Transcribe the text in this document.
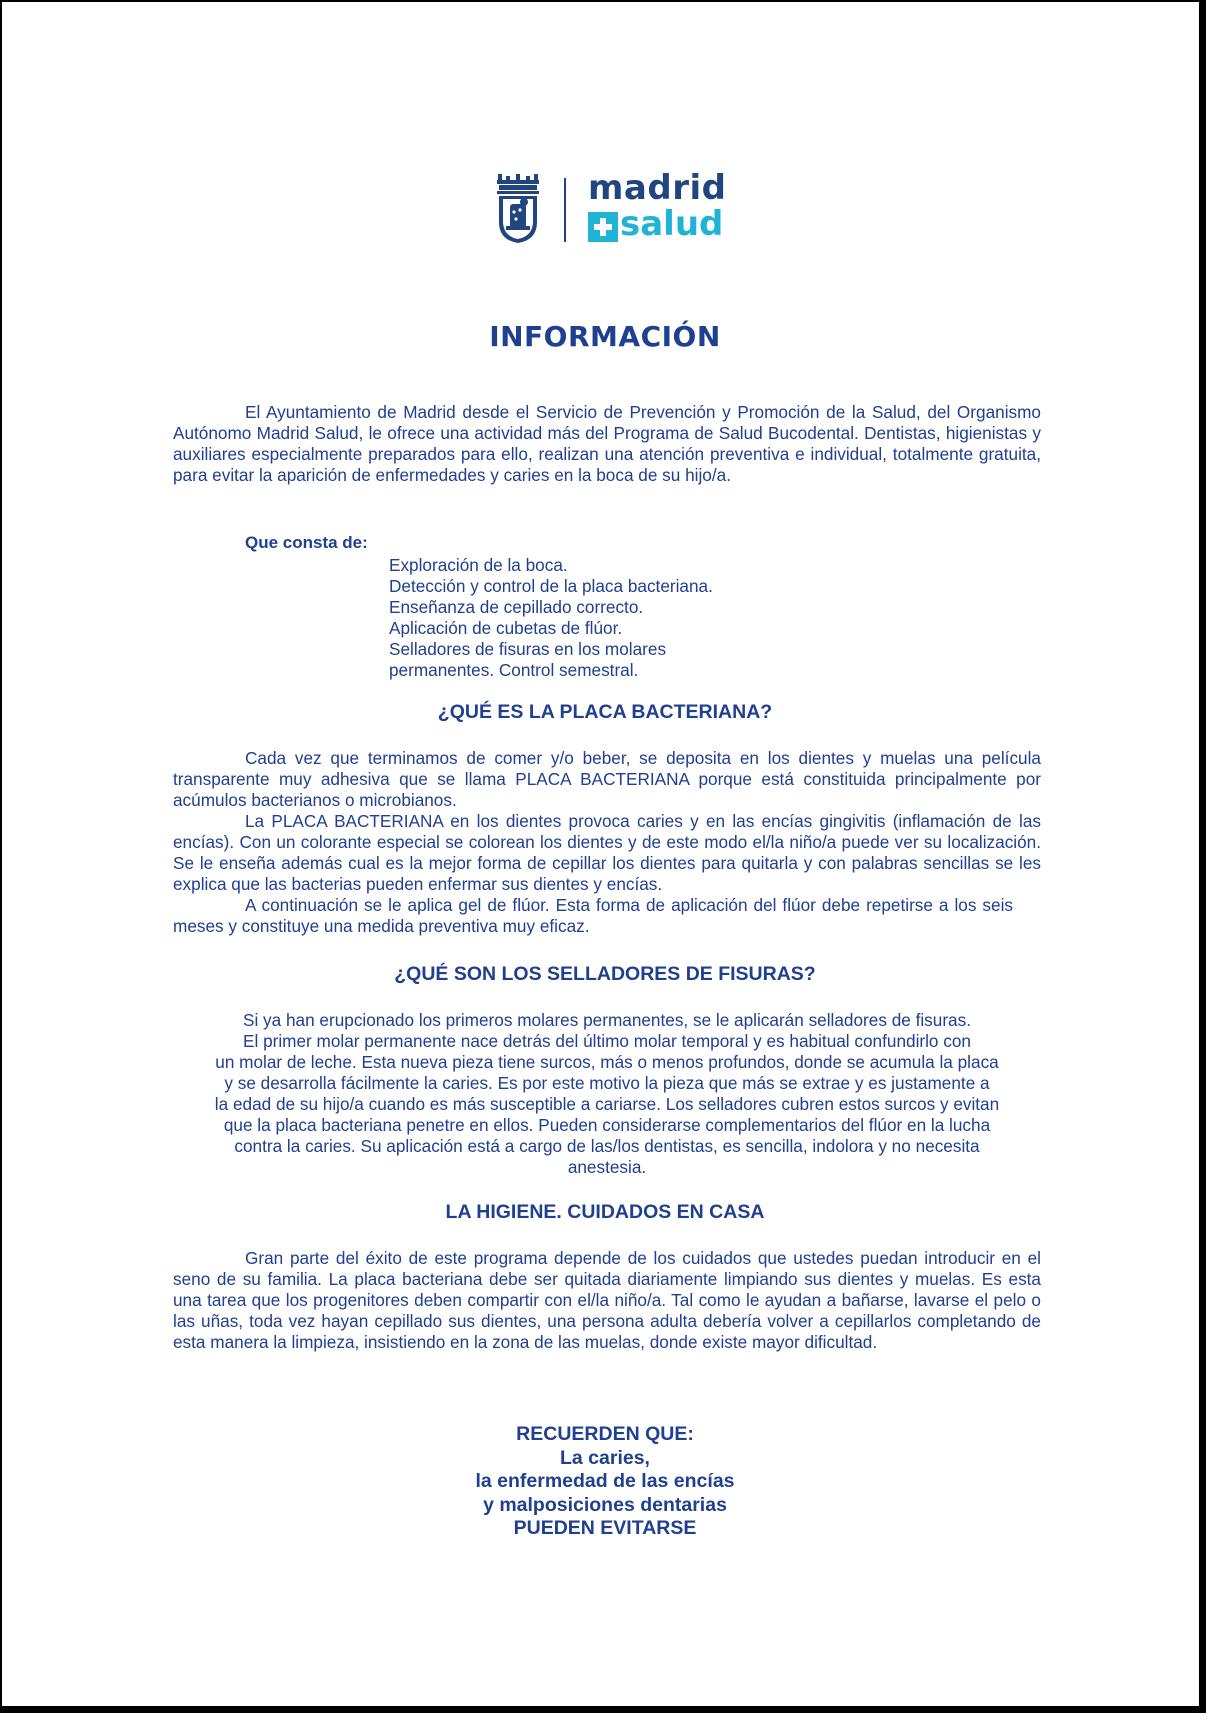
madrid
salud
INFORMACIÓN

El Ayuntamiento de Madrid desde el Servicio de Prevención y Promoción de la Salud, del Organismo Autónomo Madrid Salud, le ofrece una actividad más del Programa de Salud Bucodental. Dentistas, higienistas y auxiliares especialmente preparados para ello, realizan una atención preventiva e individual, totalmente gratuita, para evitar la aparición de enfermedades y caries en la boca de su hijo/a.

Que consta de:
Exploración de la boca.
Detección y control de la placa bacteriana.
Enseñanza de cepillado correcto.
Aplicación de cubetas de flúor.
Selladores de fisuras en los molares
permanentes. Control semestral.
¿QUÉ ES LA PLACA BACTERIANA?

Cada vez que terminamos de comer y/o beber, se deposita en los dientes y muelas una película transparente muy adhesiva que se llama PLACA BACTERIANA porque está constituida principalmente por acúmulos bacterianos o microbianos.

La PLACA BACTERIANA en los dientes provoca caries y en las encías gingivitis (inflamación de las encías). Con un colorante especial se colorean los dientes y de este modo el/la niño/a puede ver su localización. Se le enseña además cual es la mejor forma de cepillar los dientes para quitarla y con palabras sencillas se les explica que las bacterias pueden enfermar sus dientes y encías.

A continuación se le aplica gel de flúor. Esta forma de aplicación del flúor debe repetirse a los seis meses y constituye una medida preventiva muy eficaz.

¿QUÉ SON LOS SELLADORES DE FISURAS?

Si ya han erupcionado los primeros molares permanentes, se le aplicarán selladores de fisuras.

El primer molar permanente nace detrás del último molar temporal y es habitual confundirlo con

un molar de leche. Esta nueva pieza tiene surcos, más o menos profundos, donde se acumula la placa

y se desarrolla fácilmente la caries. Es por este motivo la pieza que más se extrae y es justamente a

la edad de su hijo/a cuando es más susceptible a cariarse. Los selladores cubren estos surcos y evitan

que la placa bacteriana penetre en ellos. Pueden considerarse complementarios del flúor en la lucha

contra la caries. Su aplicación está a cargo de las/los dentistas, es sencilla, indolora y no necesita

anestesia.

LA HIGIENE. CUIDADOS EN CASA

Gran parte del éxito de este programa depende de los cuidados que ustedes puedan introducir en el seno de su familia. La placa bacteriana debe ser quitada diariamente limpiando sus dientes y muelas. Es esta una tarea que los progenitores deben compartir con el/la niño/a. Tal como le ayudan a bañarse, lavarse el pelo o las uñas, toda vez hayan cepillado sus dientes, una persona adulta debería volver a cepillarlos completando de esta manera la limpieza, insistiendo en la zona de las muelas, donde existe mayor dificultad.

RECUERDEN QUE:
La caries,
la enfermedad de las encías
y malposiciones dentarias
PUEDEN EVITARSE
